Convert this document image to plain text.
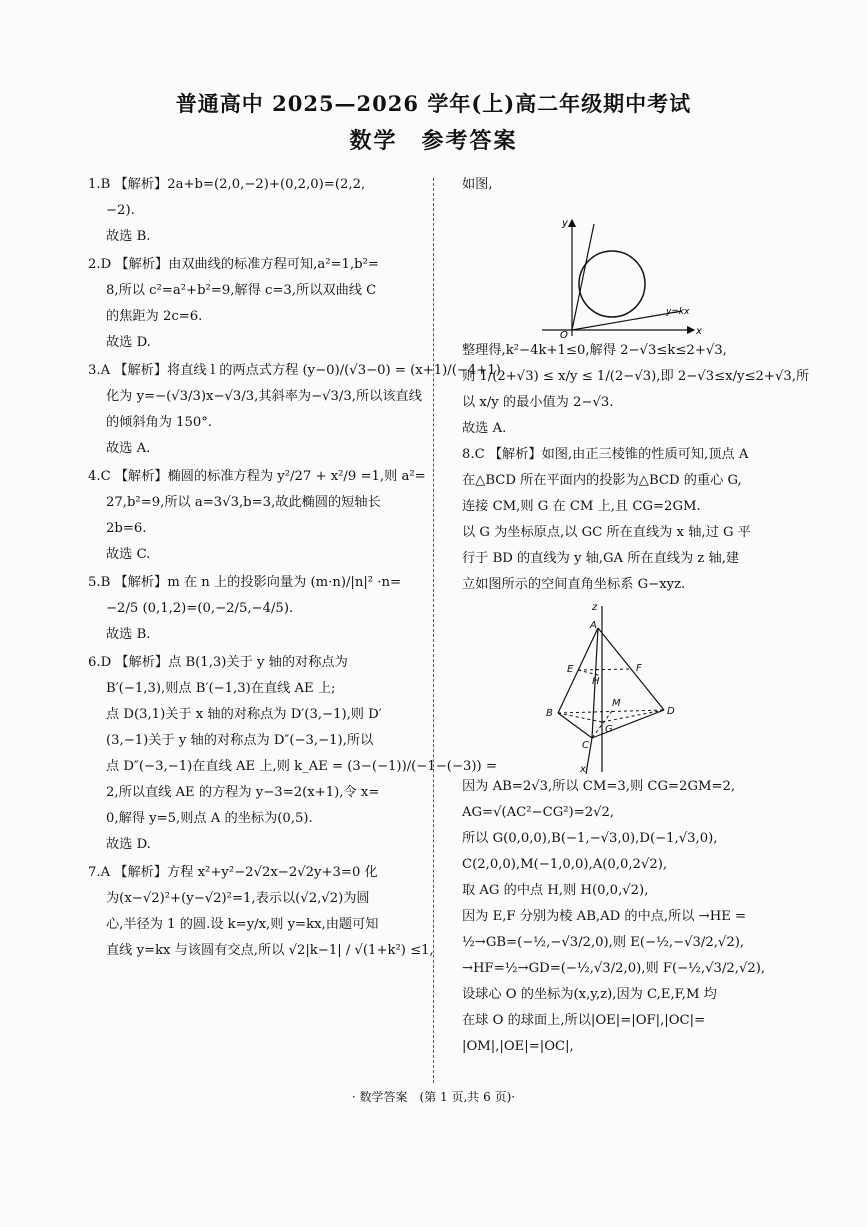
普通高中 2025—2026 学年(上)高二年级期中考试
数学　参考答案
1.B 【解析】2a+b=(2,0,−2)+(0,2,0)=(2,2,
−2).
故选 B.
2.D 【解析】由双曲线的标准方程可知,a²=1,b²=
8,所以 c²=a²+b²=9,解得 c=3,所以双曲线 C
的焦距为 2c=6.
故选 D.
3.A 【解析】将直线 l 的两点式方程 (y−0)/(√3−0) = (x+1)/(−4+1)
化为 y=−(√3/3)x−√3/3,其斜率为−√3/3,所以该直线
的倾斜角为 150°.
故选 A.
4.C 【解析】椭圆的标准方程为 y²/27 + x²/9 =1,则 a²=
27,b²=9,所以 a=3√3,b=3,故此椭圆的短轴长
2b=6.
故选 C.
5.B 【解析】m 在 n 上的投影向量为 (m·n)/|n|² ·n=
−2/5 (0,1,2)=(0,−2/5,−4/5).
故选 B.
6.D 【解析】点 B(1,3)关于 y 轴的对称点为
B′(−1,3),则点 B′(−1,3)在直线 AE 上;
点 D(3,1)关于 x 轴的对称点为 D′(3,−1),则 D′
(3,−1)关于 y 轴的对称点为 D″(−3,−1),所以
点 D″(−3,−1)在直线 AE 上,则 k_AE = (3−(−1))/(−1−(−3)) =
2,所以直线 AE 的方程为 y−3=2(x+1),令 x=
0,解得 y=5,则点 A 的坐标为(0,5).
故选 D.
7.A 【解析】方程 x²+y²−2√2x−2√2y+3=0 化
为(x−√2)²+(y−√2)²=1,表示以(√2,√2)为圆
心,半径为 1 的圆.设 k=y/x,则 y=kx,由题可知
直线 y=kx 与该圆有交点,所以 √2|k−1| / √(1+k²) ≤1,
如图,
x
y
O
y=kx
整理得,k²−4k+1≤0,解得 2−√3≤k≤2+√3,
则 1/(2+√3) ≤ x/y ≤ 1/(2−√3),即 2−√3≤x/y≤2+√3,所
以 x/y 的最小值为 2−√3.
故选 A.
8.C 【解析】如图,由正三棱锥的性质可知,顶点 A
在△BCD 所在平面内的投影为△BCD 的重心 G,
连接 CM,则 G 在 CM 上,且 CG=2GM.
以 G 为坐标原点,以 GC 所在直线为 x 轴,过 G 平
行于 BD 的直线为 y 轴,GA 所在直线为 z 轴,建
立如图所示的空间直角坐标系 G−xyz.
z
A
E	F
H
M
B	D
G
C
x
因为 AB=2√3,所以 CM=3,则 CG=2GM=2,
AG=√(AC²−CG²)=2√2,
所以 G(0,0,0),B(−1,−√3,0),D(−1,√3,0),
C(2,0,0),M(−1,0,0),A(0,0,2√2),
取 AG 的中点 H,则 H(0,0,√2),
因为 E,F 分别为棱 AB,AD 的中点,所以 →HE =
½→GB=(−½,−√3/2,0),则 E(−½,−√3/2,√2),
→HF=½→GD=(−½,√3/2,0),则 F(−½,√3/2,√2),
设球心 O 的坐标为(x,y,z),因为 C,E,F,M 均
在球 O 的球面上,所以|OE|=|OF|,|OC|=
|OM|,|OE|=|OC|,
· 数学答案　(第 1 页,共 6 页)·
